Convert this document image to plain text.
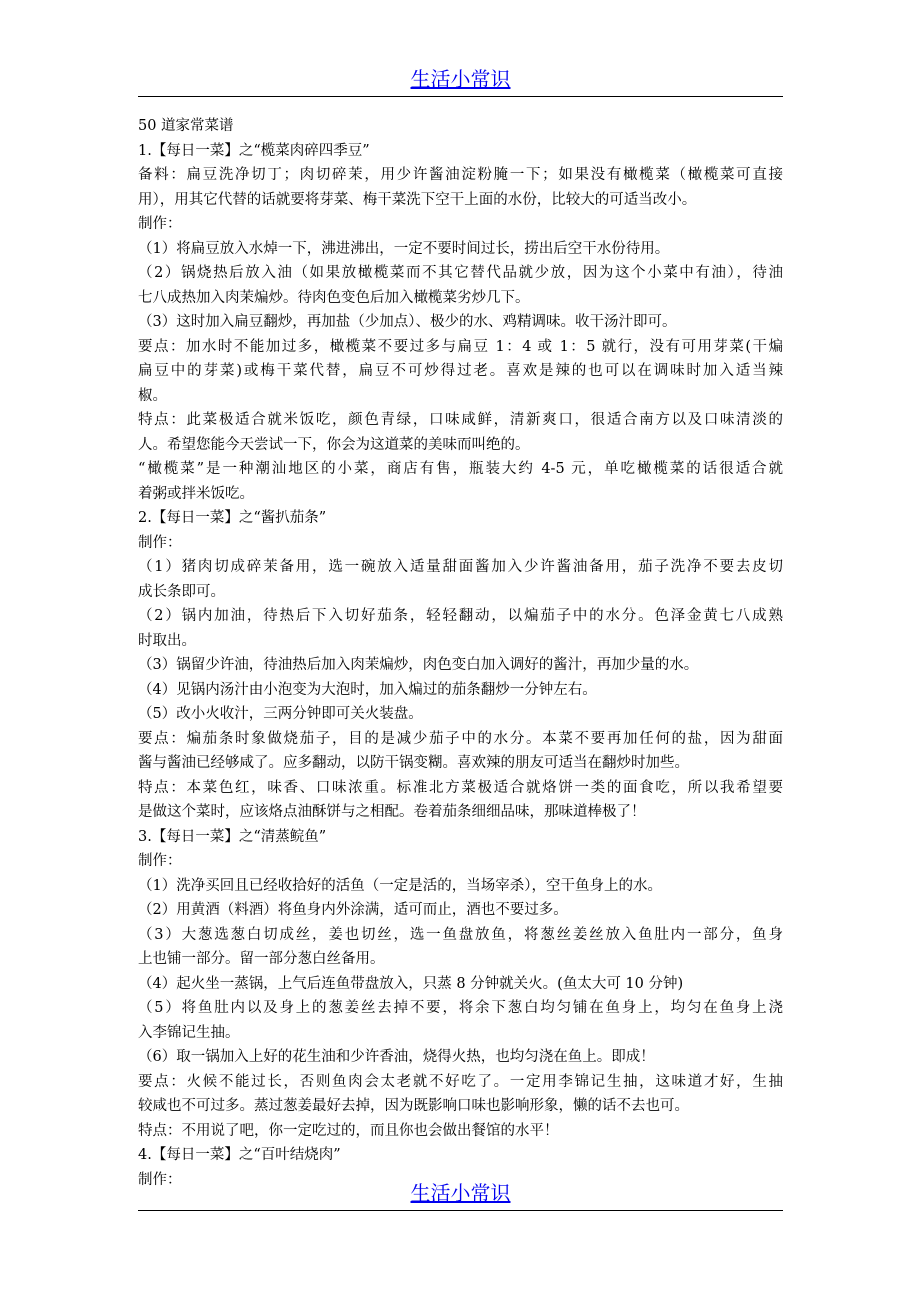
生活小常识
50 道家常菜谱
1.【每日一菜】之“榄菜肉碎四季豆”
备料：扁豆洗净切丁；肉切碎茉，用少许酱油淀粉腌一下；如果没有橄榄菜（橄榄菜可直接
用），用其它代替的话就要将芽菜、梅干菜洗下空干上面的水份，比较大的可适当改小。
制作：
（1）将扁豆放入水焯一下，沸进沸出，一定不要时间过长，捞出后空干水份待用。
（2）锅烧热后放入油（如果放橄榄菜而不其它替代品就少放，因为这个小菜中有油），待油
七八成热加入肉茉煸炒。待肉色变色后加入橄榄菜劣炒几下。
（3）这时加入扁豆翻炒，再加盐（少加点）、极少的水、鸡精调味。收干汤汁即可。
要点：加水时不能加过多，橄榄菜不要过多与扁豆 1：4 或 1：5 就行，没有可用芽菜(干煸
扁豆中的芽菜)或梅干菜代替，扁豆不可炒得过老。喜欢是辣的也可以在调味时加入适当辣
椒。
特点：此菜极适合就米饭吃，颜色青绿，口味咸鲜，清新爽口，很适合南方以及口味清淡的
人。希望您能今天尝试一下，你会为这道菜的美味而叫绝的。
“橄榄菜”是一种潮汕地区的小菜，商店有售，瓶装大约 4-5 元，单吃橄榄菜的话很适合就
着粥或拌米饭吃。
2.【每日一菜】之“酱扒茄条”
制作：
（1）猪肉切成碎茉备用，选一碗放入适量甜面酱加入少许酱油备用，茄子洗净不要去皮切
成长条即可。
（2）锅内加油，待热后下入切好茄条，轻轻翻动，以煸茄子中的水分。色泽金黄七八成熟
时取出。
（3）锅留少许油，待油热后加入肉茉煸炒，肉色变白加入调好的酱汁，再加少量的水。
（4）见锅内汤汁由小泡变为大泡时，加入煸过的茄条翻炒一分钟左右。
（5）改小火收汁，三两分钟即可关火装盘。
要点：煸茄条时象做烧茄子，目的是减少茄子中的水分。本菜不要再加任何的盐，因为甜面
酱与酱油已经够咸了。应多翻动，以防干锅变糊。喜欢辣的朋友可适当在翻炒时加些。
特点：本菜色红，味香、口味浓重。标准北方菜极适合就烙饼一类的面食吃，所以我希望要
是做这个菜时，应该烙点油酥饼与之相配。卷着茄条细细品味，那味道棒极了！
3.【每日一菜】之“清蒸鲩鱼”
制作：
（1）洗净买回且已经收拾好的活鱼（一定是活的，当场宰杀），空干鱼身上的水。
（2）用黄酒（料酒）将鱼身内外涂满，适可而止，酒也不要过多。
（3）大葱选葱白切成丝，姜也切丝，选一鱼盘放鱼，将葱丝姜丝放入鱼肚内一部分，鱼身
上也铺一部分。留一部分葱白丝备用。
（4）起火坐一蒸锅，上气后连鱼带盘放入，只蒸 8 分钟就关火。(鱼太大可 10 分钟)
（5）将鱼肚内以及身上的葱姜丝去掉不要，将余下葱白均匀铺在鱼身上，均匀在鱼身上浇
入李锦记生抽。
（6）取一锅加入上好的花生油和少许香油，烧得火热，也均匀浇在鱼上。即成！
要点：火候不能过长，否则鱼肉会太老就不好吃了。一定用李锦记生抽，这味道才好，生抽
较咸也不可过多。蒸过葱姜最好去掉，因为既影响口味也影响形象，懒的话不去也可。
特点：不用说了吧，你一定吃过的，而且你也会做出餐馆的水平！
4.【每日一菜】之“百叶结烧肉”
制作：
生活小常识
